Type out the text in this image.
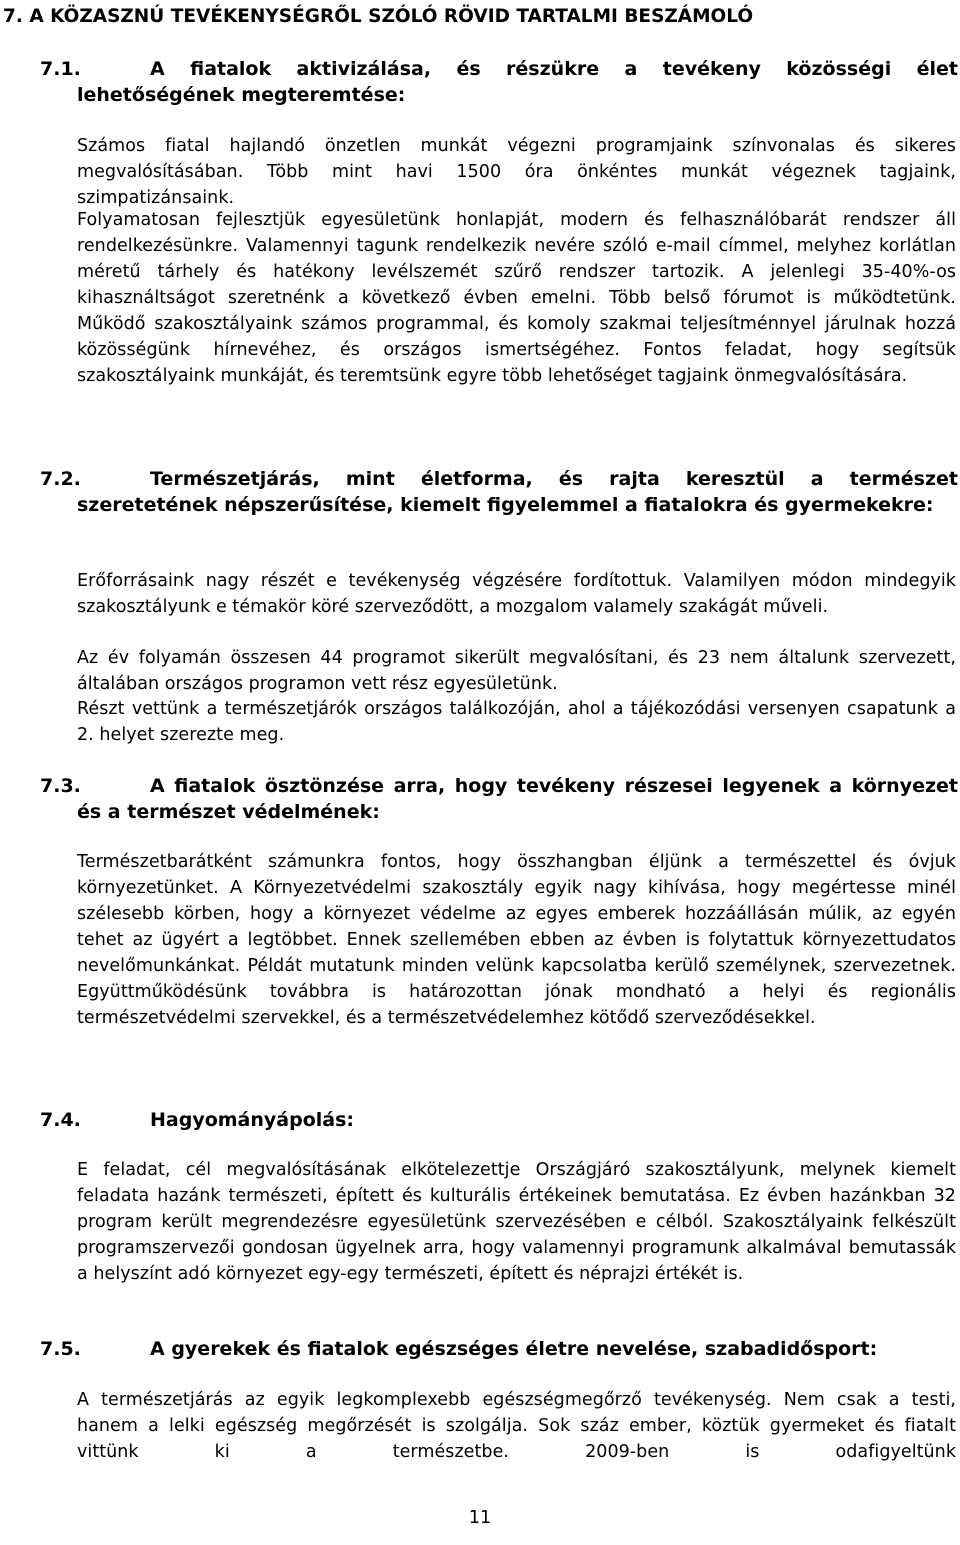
7. A KÖZASZNÚ TEVÉKENYSÉGRŐL SZÓLÓ RÖVID TARTALMI BESZÁMOLÓ
7.1.	A fiatalok aktivizálása, és részükre a tevékeny közösségi élet lehetőségének megteremtése:

Számos fiatal hajlandó önzetlen munkát végezni programjaink színvonalas és sikeres megvalósításában. Több mint havi 1500 óra önkéntes munkát végeznek tagjaink, szimpatizánsaink.

Folyamatosan fejlesztjük egyesületünk honlapját, modern és felhasználóbarát rendszer áll rendelkezésünkre. Valamennyi tagunk rendelkezik nevére szóló e-mail címmel, melyhez korlátlan méretű tárhely és hatékony levélszemét szűrő rendszer tartozik. A jelenlegi 35-40%-os kihasználtságot szeretnénk a következő évben emelni. Több belső fórumot is működtetünk. Működő szakosztályaink számos programmal, és komoly szakmai teljesítménnyel járulnak hozzá közösségünk hírnevéhez, és országos ismertségéhez. Fontos feladat, hogy segítsük szakosztályaink munkáját, és teremtsünk egyre több lehetőséget tagjaink önmegvalósítására.

7.2.	Természetjárás, mint életforma, és rajta keresztül a természet szeretetének népszerűsítése, kiemelt figyelemmel a fiatalokra és gyermekekre:

Erőforrásaink nagy részét e tevékenység végzésére fordítottuk. Valamilyen módon mindegyik szakosztályunk e témakör köré szerveződött, a mozgalom valamely szakágát műveli.

Az év folyamán összesen 44 programot sikerült megvalósítani, és 23 nem általunk szervezett, általában országos programon vett rész egyesületünk.

Részt vettünk a természetjárók országos találkozóján, ahol a tájékozódási versenyen csapatunk a 2. helyet szerezte meg.

7.3.	A fiatalok ösztönzése arra, hogy tevékeny részesei legyenek a környezet és a természet védelmének:

Természetbarátként számunkra fontos, hogy összhangban éljünk a természettel és óvjuk környezetünket. A Környezetvédelmi szakosztály egyik nagy kihívása, hogy megértesse minél szélesebb körben, hogy a környezet védelme az egyes emberek hozzáállásán múlik, az egyén tehet az ügyért a legtöbbet. Ennek szellemében ebben az évben is folytattuk környezettudatos nevelőmunkánkat. Példát mutatunk minden velünk kapcsolatba kerülő személynek, szervezetnek. Együttműködésünk továbbra is határozottan jónak mondható a helyi és regionális természetvédelmi szervekkel, és a természetvédelemhez kötődő szerveződésekkel.

7.4.	Hagyományápolás:

E feladat, cél megvalósításának elkötelezettje Országjáró szakosztályunk, melynek kiemelt feladata hazánk természeti, épített és kulturális értékeinek bemutatása. Ez évben hazánkban 32 program került megrendezésre egyesületünk szervezésében e célból. Szakosztályaink felkészült programszervezői gondosan ügyelnek arra, hogy valamennyi programunk alkalmával bemutassák a helyszínt adó környezet egy-egy természeti, épített és néprajzi értékét is.

7.5.	A gyerekek és fiatalok egészséges életre nevelése, szabadidősport:

A természetjárás az egyik legkomplexebb egészségmegőrző tevékenység. Nem csak a testi, hanem a lelki egészség megőrzését is szolgálja. Sok száz ember, köztük gyermeket és fiatalt vittünk ki a természetbe. 2009-ben is odafigyeltünk

11
